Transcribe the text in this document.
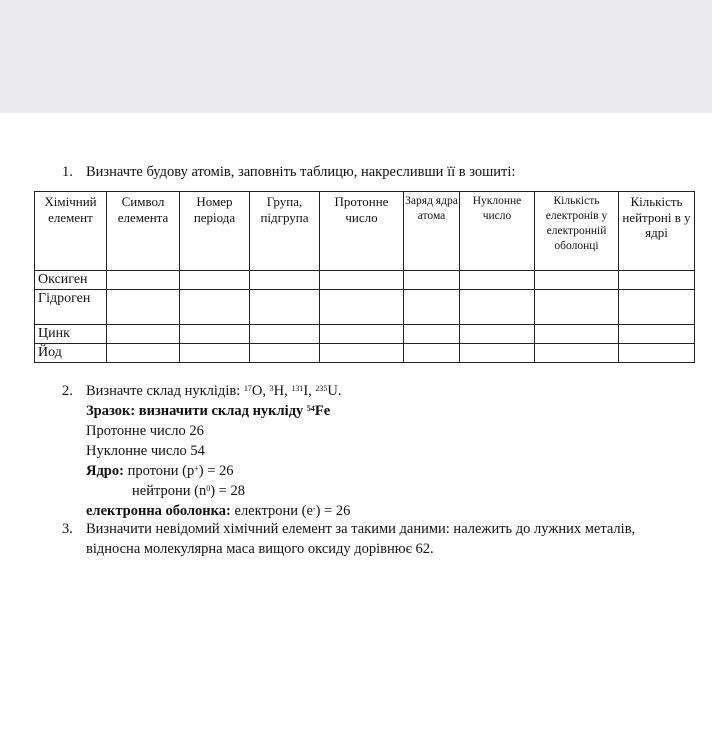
1. Визначте будову атомів, заповніть таблицю, накресливши її в зошиті:
Хімічний елемент	Символ елемента	Номер періода	Група, підгрупа	Протонне число	Заряд ядра атома	Нуклонне число	Кількість електронів у електронній оболонці	Кількість нейтроні в у ядрі
Оксиген								
Гідроген								
Цинк								
Йод								
2. Визначте склад нуклідів: $^{17}$O, $^3$H, $^{131}$I, $^{235}$U.
Зразок: визначити склад нукліду $^{54}$Fe
Протонне число 26
Нуклонне число 54
Ядро: протони (p+) = 26
нейтрони $(n^0) = 28$
електронна оболонка: електрони (e-) = 26
3. Визначити невідомий хімічний елемент за такими даними: належить до лужних металів, відносна молекулярна маса вищого оксиду дорівнює 62.
